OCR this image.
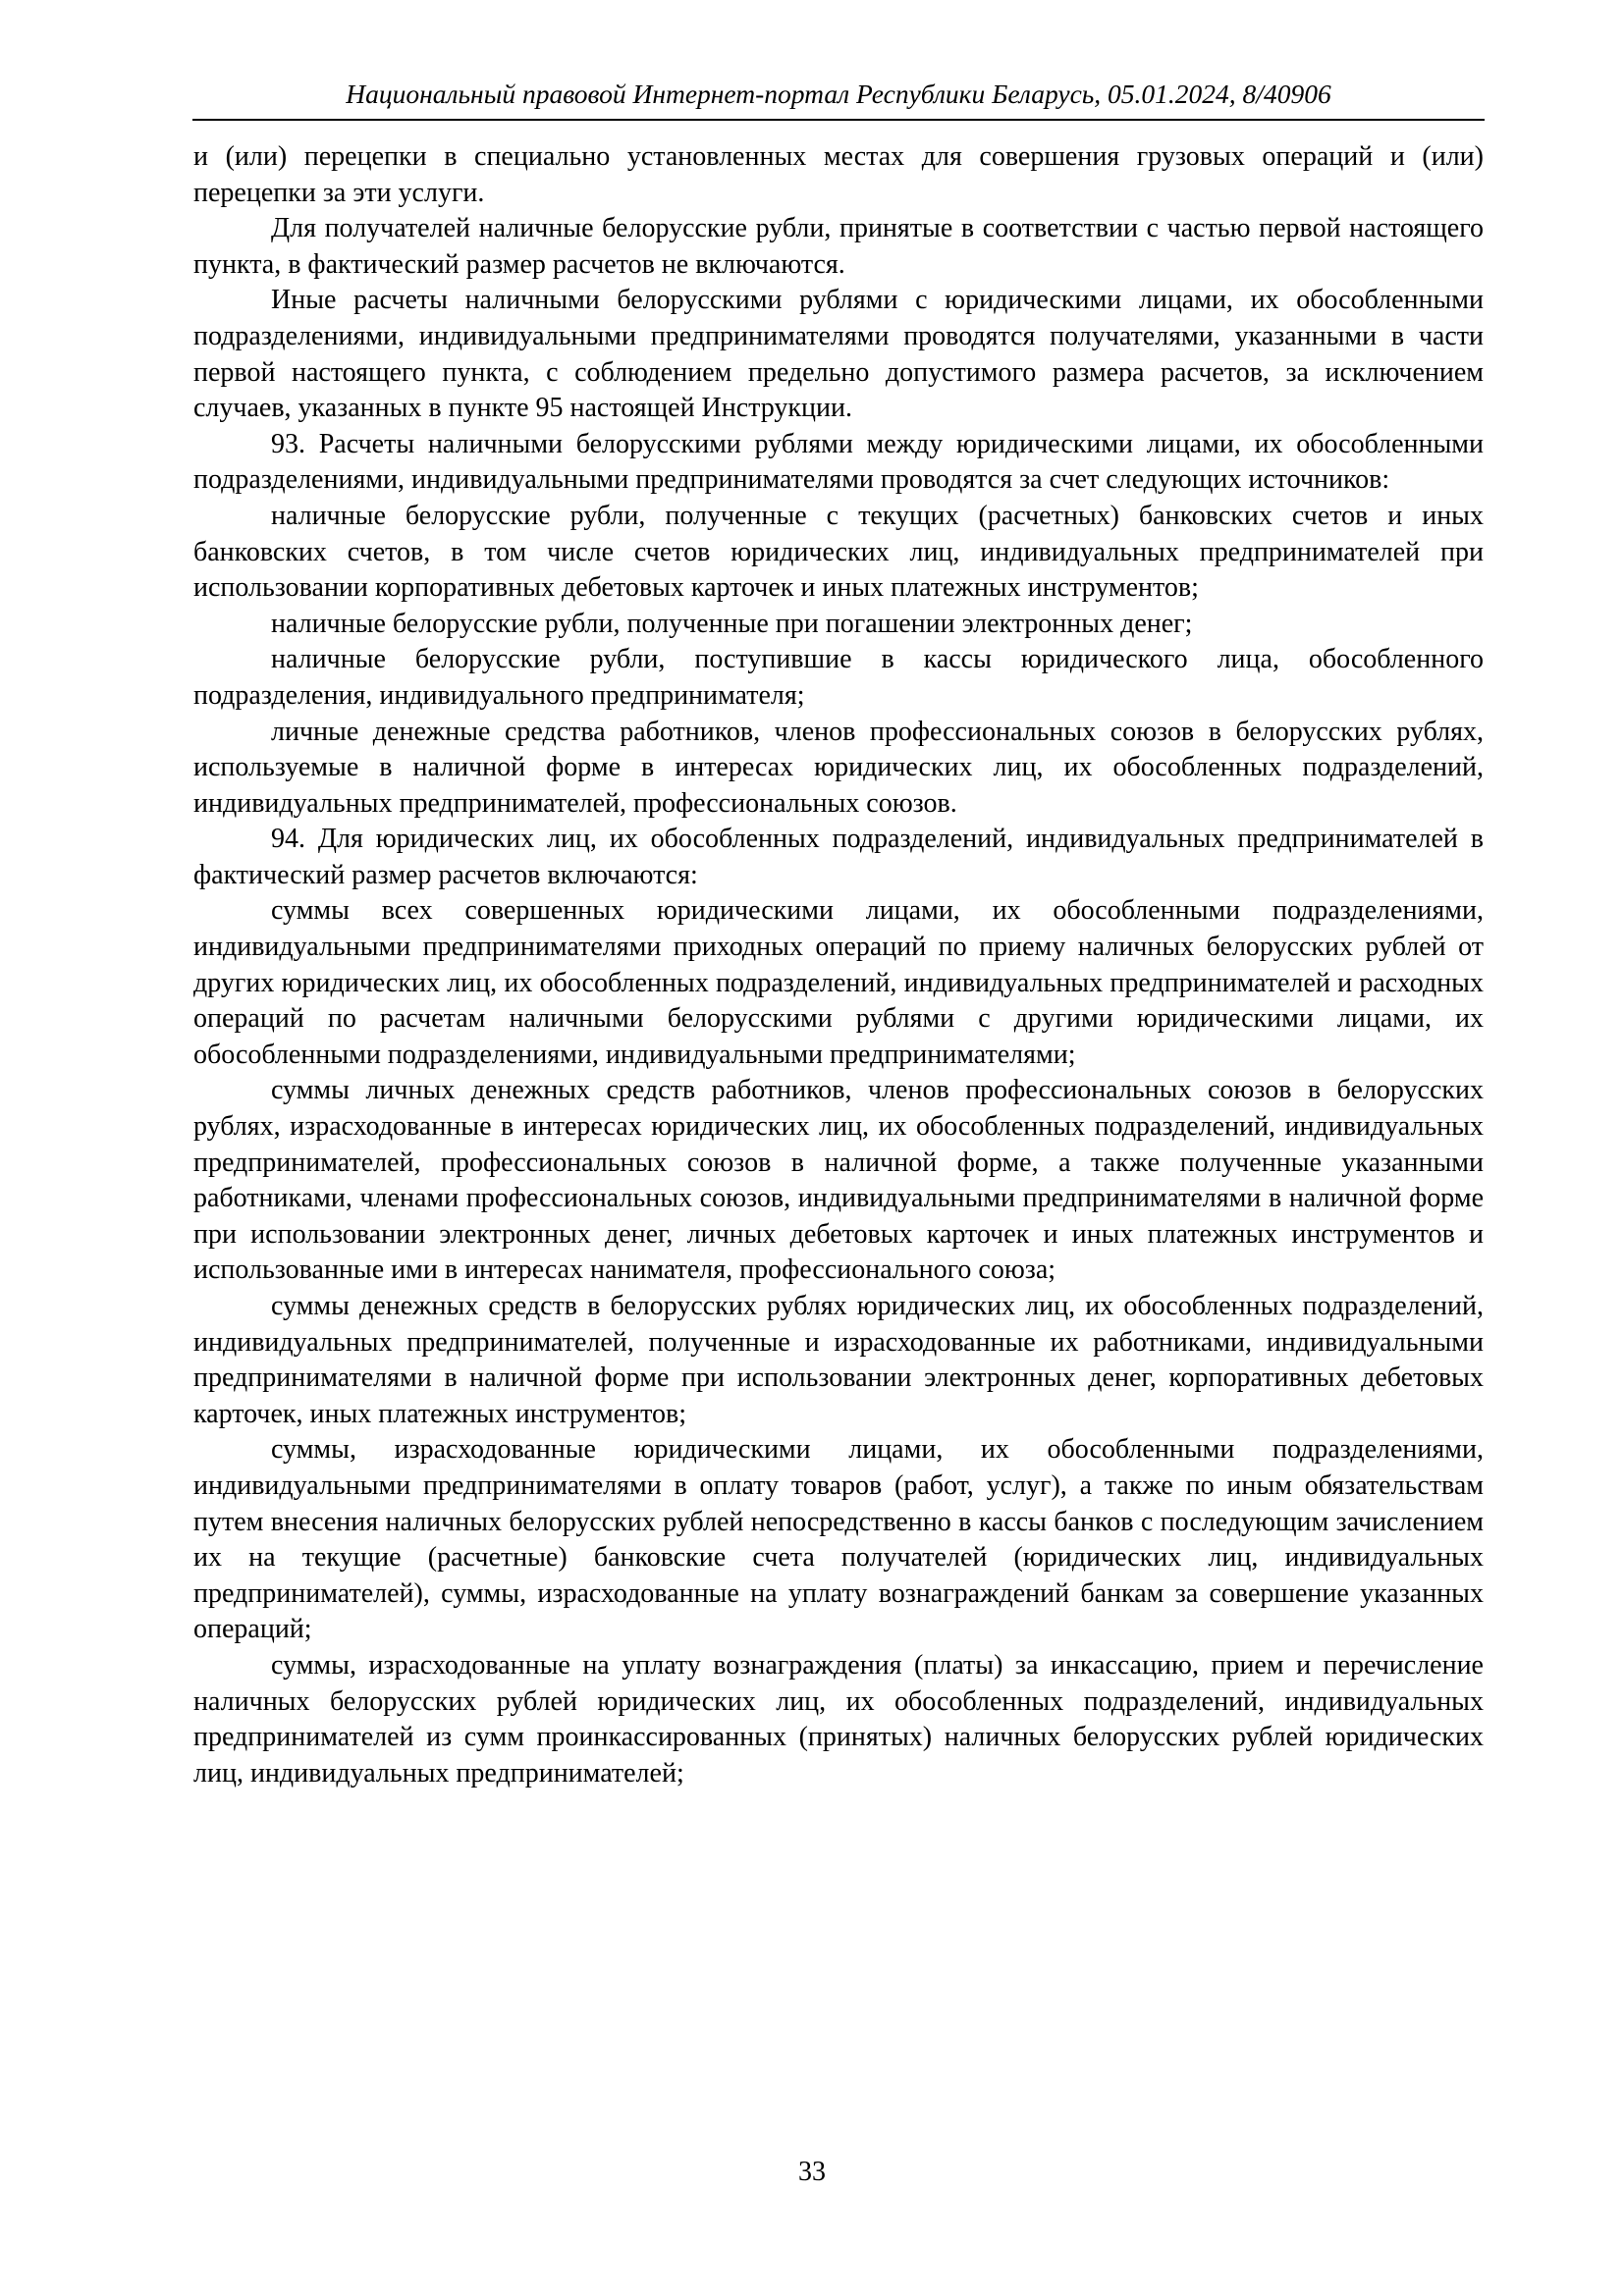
Национальный правовой Интернет-портал Республики Беларусь, 05.01.2024, 8/40906

и (или) перецепки в специально установленных местах для совершения грузовых операций и (или) перецепки за эти услуги.

Для получателей наличные белорусские рубли, принятые в соответствии с частью первой настоящего пункта, в фактический размер расчетов не включаются.

Иные расчеты наличными белорусскими рублями с юридическими лицами, их обособленными подразделениями, индивидуальными предпринимателями проводятся получателями, указанными в части первой настоящего пункта, с соблюдением предельно допустимого размера расчетов, за исключением случаев, указанных в пункте 95 настоящей Инструкции.

93. Расчеты наличными белорусскими рублями между юридическими лицами, их обособленными подразделениями, индивидуальными предпринимателями проводятся за счет следующих источников:

наличные белорусские рубли, полученные с текущих (расчетных) банковских счетов и иных банковских счетов, в том числе счетов юридических лиц, индивидуальных предпринимателей при использовании корпоративных дебетовых карточек и иных платежных инструментов;

наличные белорусские рубли, полученные при погашении электронных денег;

наличные белорусские рубли, поступившие в кассы юридического лица, обособленного подразделения, индивидуального предпринимателя;

личные денежные средства работников, членов профессиональных союзов в белорусских рублях, используемые в наличной форме в интересах юридических лиц, их обособленных подразделений, индивидуальных предпринимателей, профессиональных союзов.

94. Для юридических лиц, их обособленных подразделений, индивидуальных предпринимателей в фактический размер расчетов включаются:

суммы всех совершенных юридическими лицами, их обособленными подразделениями, индивидуальными предпринимателями приходных операций по приему наличных белорусских рублей от других юридических лиц, их обособленных подразделений, индивидуальных предпринимателей и расходных операций по расчетам наличными белорусскими рублями с другими юридическими лицами, их обособленными подразделениями, индивидуальными предпринимателями;

суммы личных денежных средств работников, членов профессиональных союзов в белорусских рублях, израсходованные в интересах юридических лиц, их обособленных подразделений, индивидуальных предпринимателей, профессиональных союзов в наличной форме, а также полученные указанными работниками, членами профессиональных союзов, индивидуальными предпринимателями в наличной форме при использовании электронных денег, личных дебетовых карточек и иных платежных инструментов и использованные ими в интересах нанимателя, профессионального союза;

суммы денежных средств в белорусских рублях юридических лиц, их обособленных подразделений, индивидуальных предпринимателей, полученные и израсходованные их работниками, индивидуальными предпринимателями в наличной форме при использовании электронных денег, корпоративных дебетовых карточек, иных платежных инструментов;

суммы, израсходованные юридическими лицами, их обособленными подразделениями, индивидуальными предпринимателями в оплату товаров (работ, услуг), а также по иным обязательствам путем внесения наличных белорусских рублей непосредственно в кассы банков с последующим зачислением их на текущие (расчетные) банковские счета получателей (юридических лиц, индивидуальных предпринимателей), суммы, израсходованные на уплату вознаграждений банкам за совершение указанных операций;

суммы, израсходованные на уплату вознаграждения (платы) за инкассацию, прием и перечисление наличных белорусских рублей юридических лиц, их обособленных подразделений, индивидуальных предпринимателей из сумм проинкассированных (принятых) наличных белорусских рублей юридических лиц, индивидуальных предпринимателей;

33
